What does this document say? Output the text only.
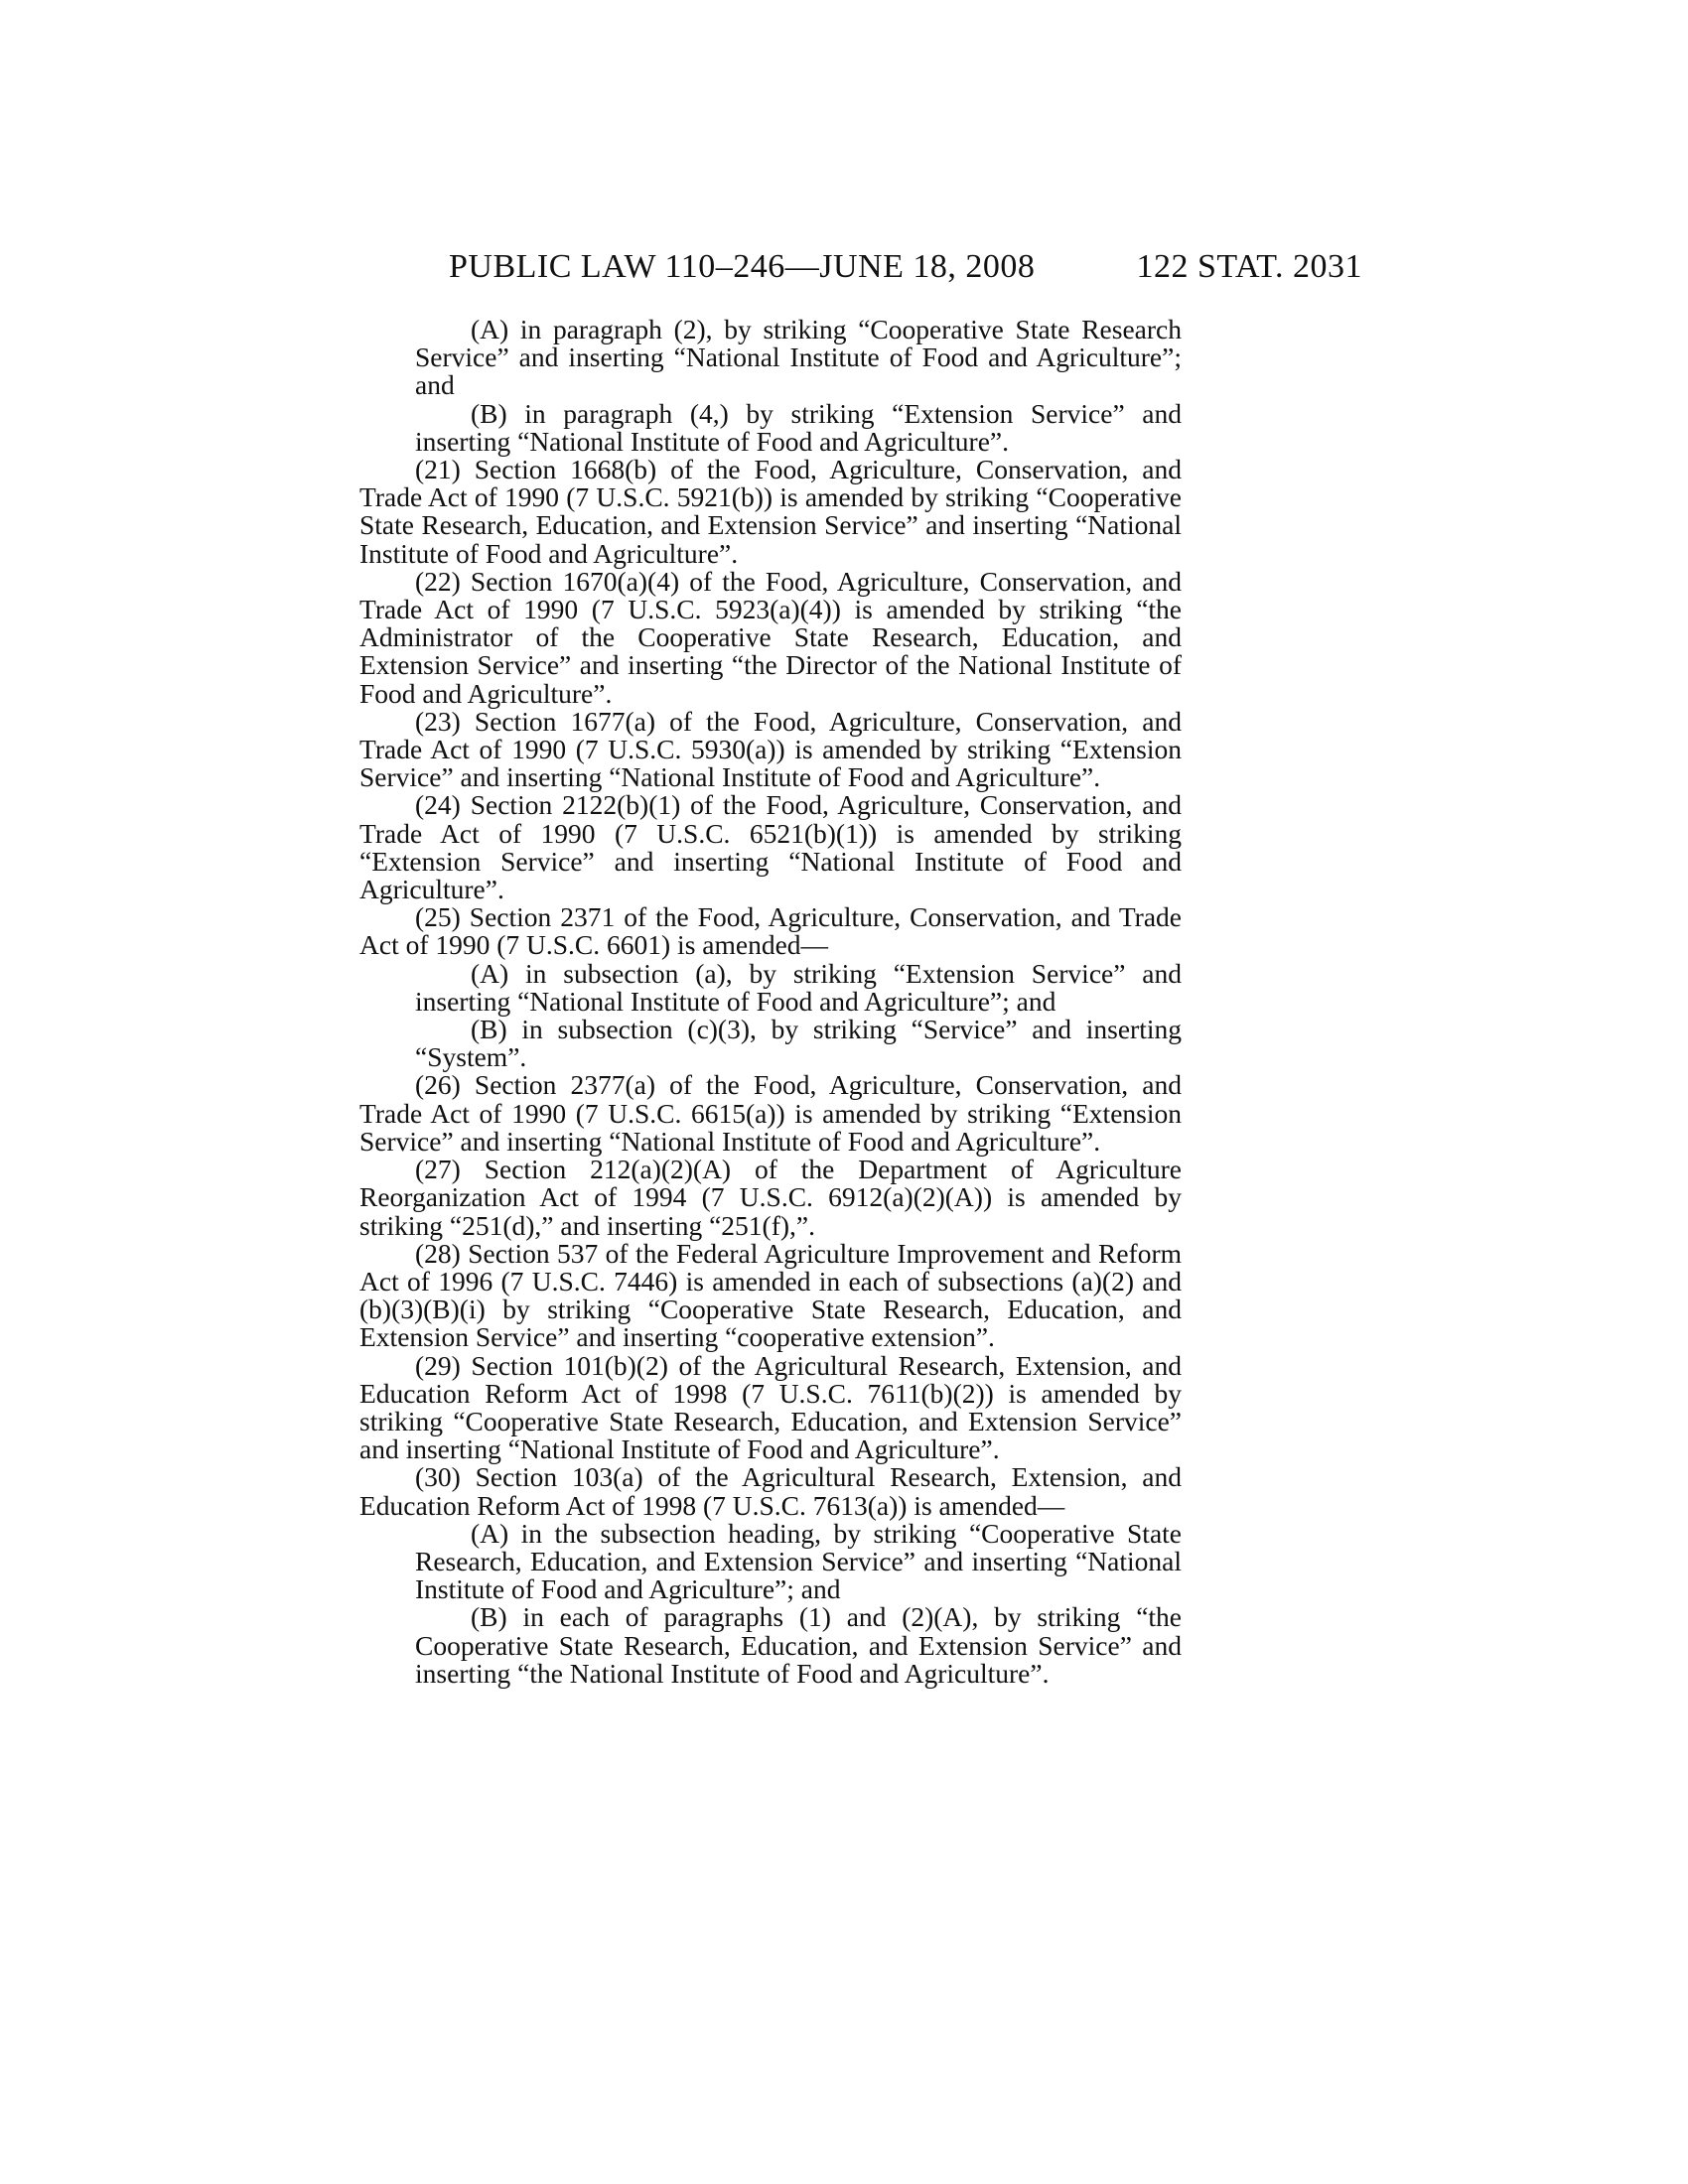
PUBLIC LAW 110–246—JUNE 18, 2008	122 STAT. 2031

(A) in paragraph (2), by striking “Cooperative State Research Service” and inserting “National Institute of Food and Agriculture”; and

(B) in paragraph (4,) by striking “Extension Service” and inserting “National Institute of Food and Agriculture”.

(21) Section 1668(b) of the Food, Agriculture, Conservation, and Trade Act of 1990 (7 U.S.C. 5921(b)) is amended by striking “Cooperative State Research, Education, and Extension Service” and inserting “National Institute of Food and Agriculture”.

(22) Section 1670(a)(4) of the Food, Agriculture, Conservation, and Trade Act of 1990 (7 U.S.C. 5923(a)(4)) is amended by striking “the Administrator of the Cooperative State Research, Education, and Extension Service” and inserting “the Director of the National Institute of Food and Agriculture”.

(23) Section 1677(a) of the Food, Agriculture, Conservation, and Trade Act of 1990 (7 U.S.C. 5930(a)) is amended by striking “Extension Service” and inserting “National Institute of Food and Agriculture”.

(24) Section 2122(b)(1) of the Food, Agriculture, Conservation, and Trade Act of 1990 (7 U.S.C. 6521(b)(1)) is amended by striking “Extension Service” and inserting “National Institute of Food and Agriculture”.

(25) Section 2371 of the Food, Agriculture, Conservation, and Trade Act of 1990 (7 U.S.C. 6601) is amended—

(A) in subsection (a), by striking “Extension Service” and inserting “National Institute of Food and Agriculture”; and

(B) in subsection (c)(3), by striking “Service” and inserting “System”.

(26) Section 2377(a) of the Food, Agriculture, Conservation, and Trade Act of 1990 (7 U.S.C. 6615(a)) is amended by striking “Extension Service” and inserting “National Institute of Food and Agriculture”.

(27) Section 212(a)(2)(A) of the Department of Agriculture Reorganization Act of 1994 (7 U.S.C. 6912(a)(2)(A)) is amended by striking “251(d),” and inserting “251(f),”.

(28) Section 537 of the Federal Agriculture Improvement and Reform Act of 1996 (7 U.S.C. 7446) is amended in each of subsections (a)(2) and (b)(3)(B)(i) by striking “Cooperative State Research, Education, and Extension Service” and inserting “cooperative extension”.

(29) Section 101(b)(2) of the Agricultural Research, Extension, and Education Reform Act of 1998 (7 U.S.C. 7611(b)(2)) is amended by striking “Cooperative State Research, Education, and Extension Service” and inserting “National Institute of Food and Agriculture”.

(30) Section 103(a) of the Agricultural Research, Extension, and Education Reform Act of 1998 (7 U.S.C. 7613(a)) is amended—

(A) in the subsection heading, by striking “Cooperative State Research, Education, and Extension Service” and inserting “National Institute of Food and Agriculture”; and

(B) in each of paragraphs (1) and (2)(A), by striking “the Cooperative State Research, Education, and Extension Service” and inserting “the National Institute of Food and Agriculture”.
